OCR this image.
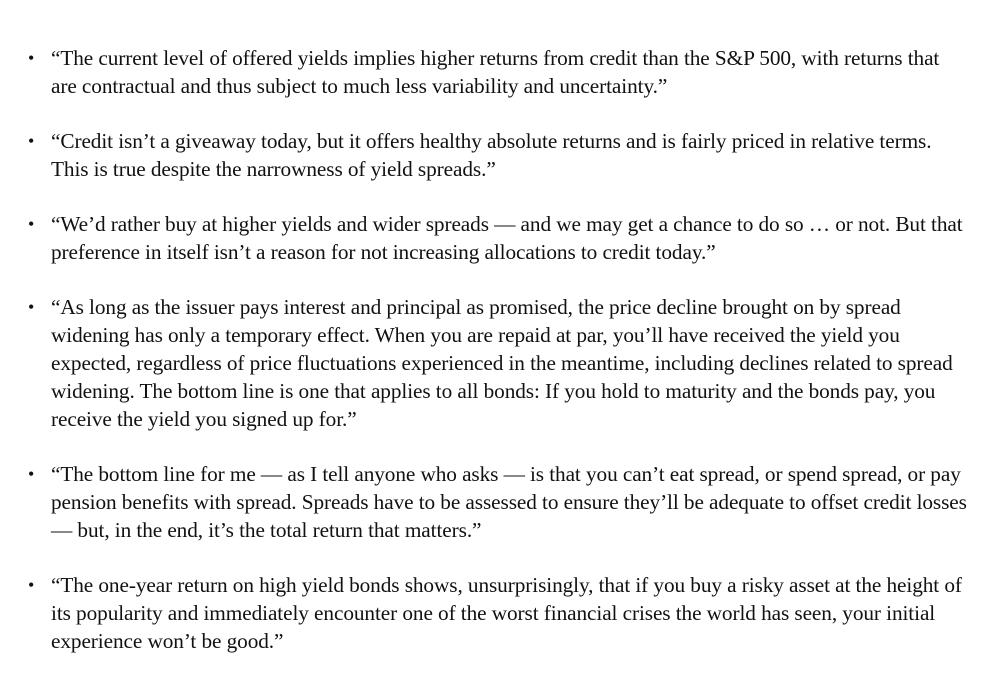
• “The current level of offered yields implies higher returns from credit than the S&P 500, with returns that are contractual and thus subject to much less variability and uncertainty.”
• “Credit isn’t a giveaway today, but it offers healthy absolute returns and is fairly priced in relative terms. This is true despite the narrowness of yield spreads.”
• “We’d rather buy at higher yields and wider spreads — and we may get a chance to do so … or not. But that preference in itself isn’t a reason for not increasing allocations to credit today.”
• “As long as the issuer pays interest and principal as promised, the price decline brought on by spread widening has only a temporary effect. When you are repaid at par, you’ll have received the yield you expected, regardless of price fluctuations experienced in the meantime, including declines related to spread widening. The bottom line is one that applies to all bonds: If you hold to maturity and the bonds pay, you receive the yield you signed up for.”
• “The bottom line for me — as I tell anyone who asks — is that you can’t eat spread, or spend spread, or pay pension benefits with spread. Spreads have to be assessed to ensure they’ll be adequate to offset credit losses — but, in the end, it’s the total return that matters.”
• “The one-year return on high yield bonds shows, unsurprisingly, that if you buy a risky asset at the height of its popularity and immediately encounter one of the worst financial crises the world has seen, your initial experience won’t be good.”
